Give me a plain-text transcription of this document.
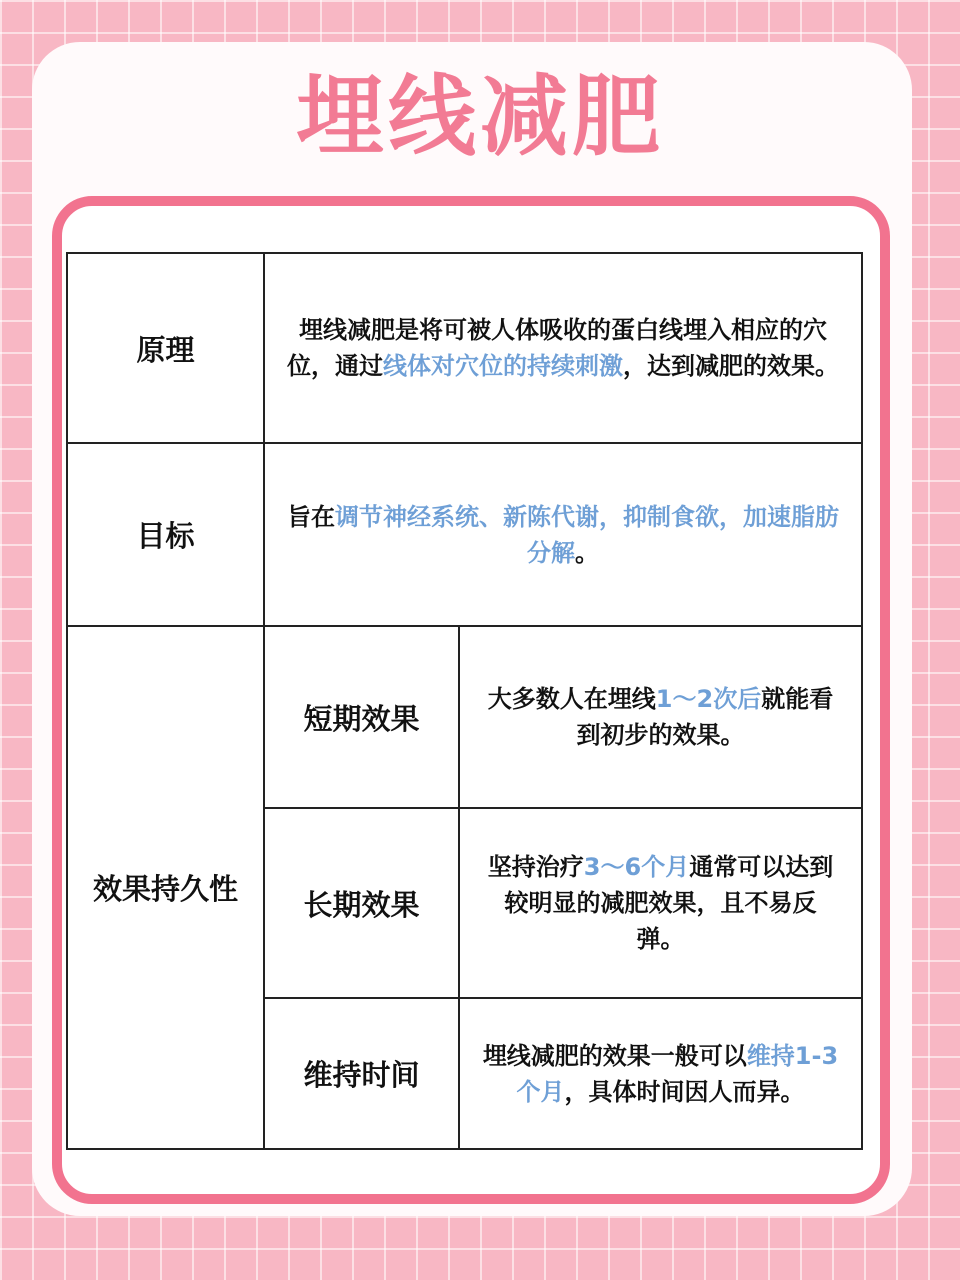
埋线减肥
原理
埋线减肥是将可被人体吸收的蛋白线埋入相应的穴位，通过线体对穴位的持续刺激，达到减肥的效果。
目标
旨在调节神经系统、新陈代谢，抑制食欲，加速脂肪分解。
效果持久性
短期效果
大多数人在埋线1～2次后就能看到初步的效果。
长期效果
坚持治疗3～6个月通常可以达到较明显的减肥效果，且不易反弹。
维持时间
埋线减肥的效果一般可以维持1-3个月，具体时间因人而异。
